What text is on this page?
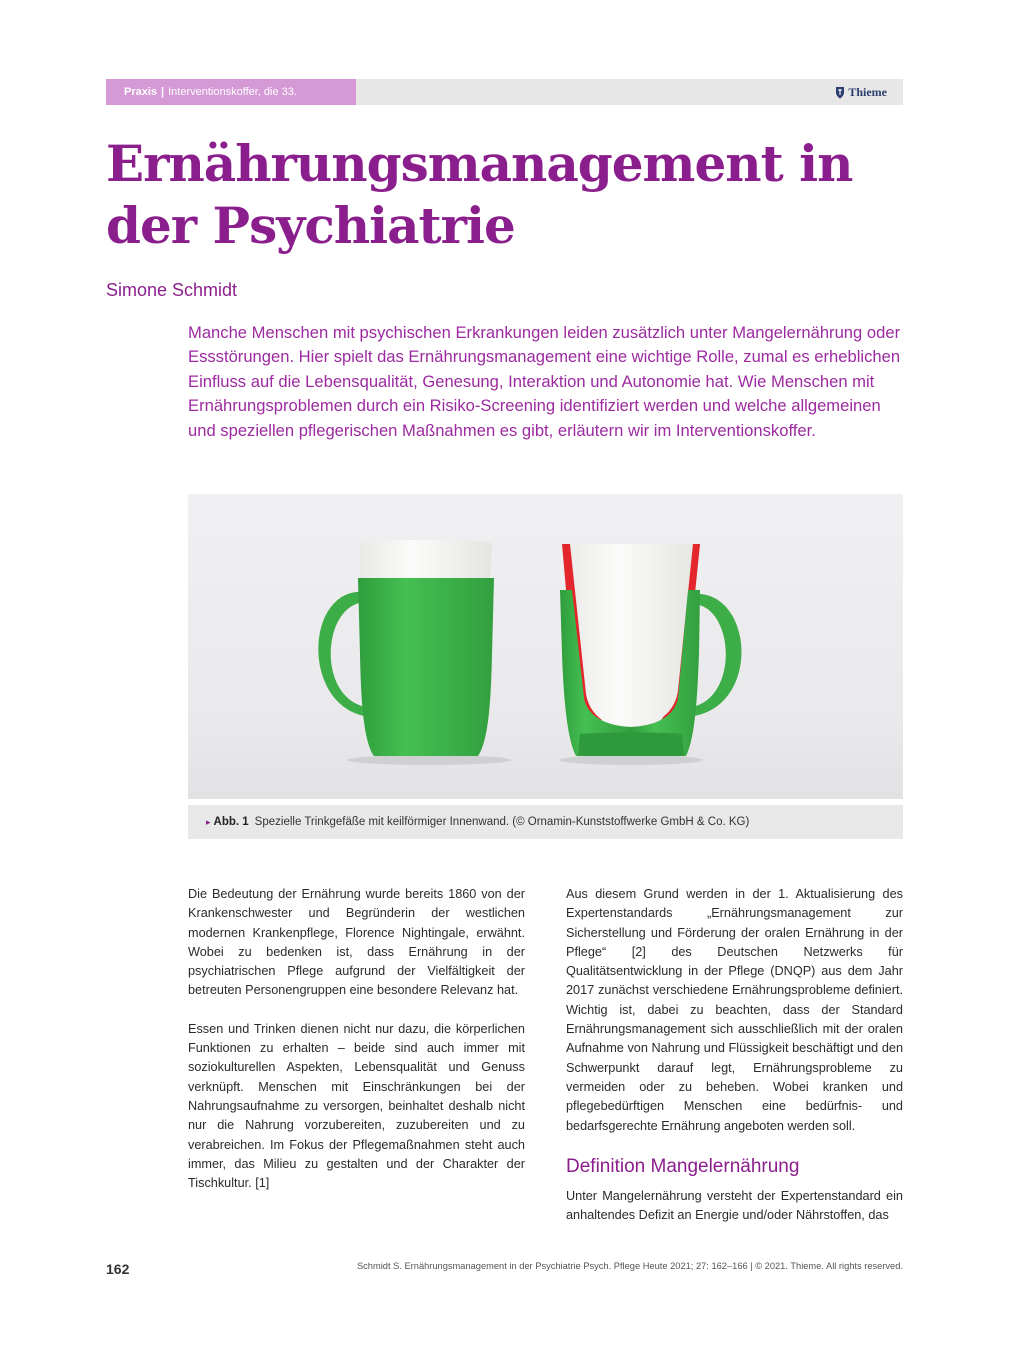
Praxis | Interventionskoffer, die 33.	Thieme
Ernährungsmanagement in der Psychiatrie
Simone Schmidt

Manche Menschen mit psychischen Erkrankungen leiden zusätzlich unter Mangelernährung oder Essstörungen. Hier spielt das Ernährungsmanagement eine wichtige Rolle, zumal es erheblichen Einfluss auf die Lebensqualität, Genesung, Interaktion und Autonomie hat. Wie Menschen mit Ernährungsproblemen durch ein Risiko-Screening identifiziert werden und welche allgemeinen und speziellen pflegerischen Maßnahmen es gibt, erläutern wir im Interventionskoffer.

▸ Abb. 1 Spezielle Trinkgefäße mit keilförmiger Innenwand. (© Ornamin-Kunststoffwerke GmbH & Co. KG)

Die Bedeutung der Ernährung wurde bereits 1860 von der Krankenschwester und Begründerin der westlichen modernen Krankenpflege, Florence Nightingale, erwähnt. Wobei zu bedenken ist, dass Ernährung in der psychiatrischen Pflege aufgrund der Vielfältigkeit der betreuten Personengruppen eine besondere Relevanz hat.

Essen und Trinken dienen nicht nur dazu, die körperlichen Funktionen zu erhalten – beide sind auch immer mit soziokulturellen Aspekten, Lebensqualität und Genuss verknüpft. Menschen mit Einschränkungen bei der Nahrungsaufnahme zu versorgen, beinhaltet deshalb nicht nur die Nahrung vorzubereiten, zuzubereiten und zu verabreichen. Im Fokus der Pflegemaßnahmen steht auch immer, das Milieu zu gestalten und der Charakter der Tischkultur. [1]

Aus diesem Grund werden in der 1. Aktualisierung des Expertenstandards „Ernährungsmanagement zur Sicherstellung und Förderung der oralen Ernährung in der Pflege“ [2] des Deutschen Netzwerks für Qualitätsentwicklung in der Pflege (DNQP) aus dem Jahr 2017 zunächst verschiedene Ernährungsprobleme definiert. Wichtig ist, dabei zu beachten, dass der Standard Ernährungsmanagement sich ausschließlich mit der oralen Aufnahme von Nahrung und Flüssigkeit beschäftigt und den Schwerpunkt darauf legt, Ernährungsprobleme zu vermeiden oder zu beheben. Wobei kranken und pflegebedürftigen Menschen eine bedürfnis- und bedarfsgerechte Ernährung angeboten werden soll.

Definition Mangelernährung

Unter Mangelernährung versteht der Expertenstandard ein anhaltendes Defizit an Energie und/oder Nährstoffen, das

162	Schmidt S. Ernährungsmanagement in der Psychiatrie Psych. Pflege Heute 2021; 27: 162–166 | © 2021. Thieme. All rights reserved.
